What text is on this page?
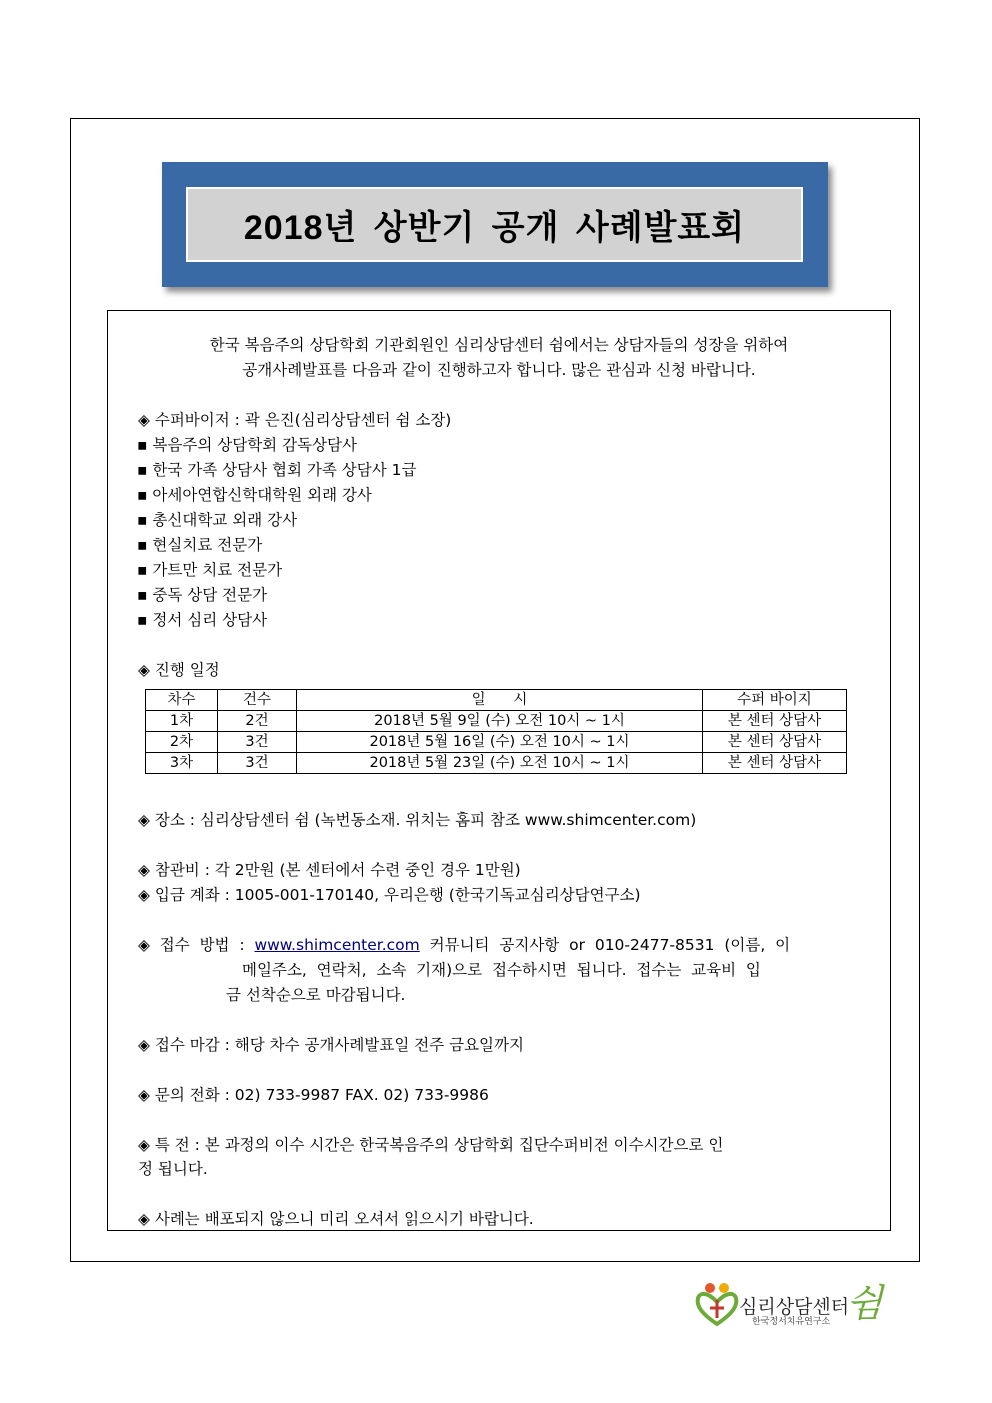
2018년 상반기 공개 사례발표회
한국 복음주의 상담학회 기관회원인 심리상담센터 쉼에서는 상담자들의 성장을 위하여
공개사례발표를 다음과 같이 진행하고자 합니다. 많은 관심과 신청 바랍니다.
◈ 수퍼바이저 : 곽 은진(심리상담센터 쉼 소장)
▪ 복음주의 상담학회 감독상담사
▪ 한국 가족 상담사 협회 가족 상담사 1급
▪ 아세아연합신학대학원 외래 강사
▪ 총신대학교 외래 강사
▪ 현실치료 전문가
▪ 가트만 치료 전문가
▪ 중독 상담 전문가
▪ 정서 심리 상담사
◈ 진행 일정
차수	건수	일      시	수퍼 바이지
1차	2건	2018년 5월 9일 (수) 오전 10시 ~ 1시	본 센터 상담사
2차	3건	2018년 5월 16일 (수) 오전 10시 ~ 1시	본 센터 상담사
3차	3건	2018년 5월 23일 (수) 오전 10시 ~ 1시	본 센터 상담사
◈ 장소 : 심리상담센터 쉼 (녹번동소재. 위치는 홈피 참조 www.shimcenter.com)
◈ 참관비 : 각 2만원 (본 센터에서 수련 중인 경우 1만원)
◈ 입금 계좌 : 1005-001-170140, 우리은행 (한국기독교심리상담연구소)
◈  접수  방법  :  www.shimcenter.com  커뮤니티  공지사항  or  010-2477-8531  (이름,  이
메일주소,  연락처,  소속  기재)으로  접수하시면  됩니다.  접수는  교육비  입
금 선착순으로 마감됩니다.
◈ 접수 마감 : 해당 차수 공개사례발표일 전주 금요일까지
◈ 문의 전화 : 02) 733-9987 FAX. 02) 733-9986
◈ 특 전 : 본 과정의 이수 시간은 한국복음주의 상담학회 집단수퍼비전 이수시간으로 인
정 됩니다.
◈ 사례는 배포되지 않으니 미리 오셔서 읽으시기 바랍니다.
심리상담센터
한국정서치유연구소 쉼
